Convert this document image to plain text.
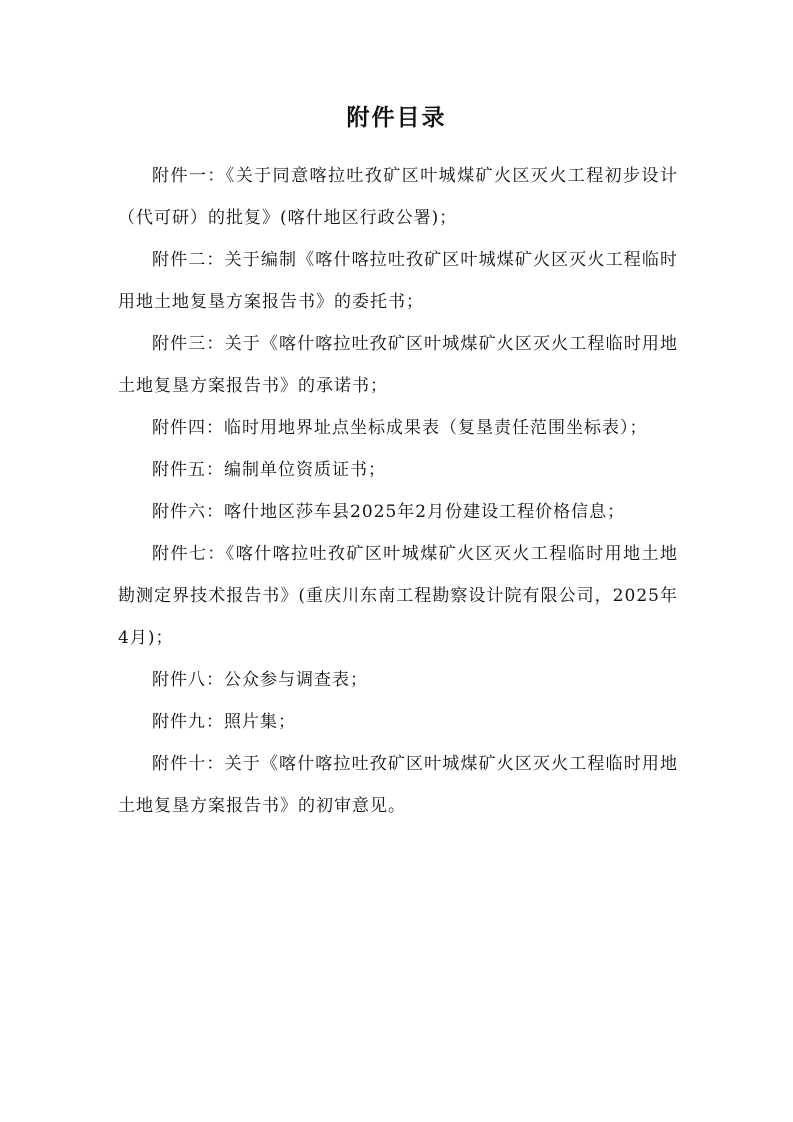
附件目录

附件一：《关于同意喀拉吐孜矿区叶城煤矿火区灭火工程初步设计（代可研）的批复》(喀什地区行政公署)；

附件二：关于编制《喀什喀拉吐孜矿区叶城煤矿火区灭火工程临时用地土地复垦方案报告书》的委托书；

附件三：关于《喀什喀拉吐孜矿区叶城煤矿火区灭火工程临时用地土地复垦方案报告书》的承诺书；

附件四：临时用地界址点坐标成果表（复垦责任范围坐标表）；

附件五：编制单位资质证书；

附件六：喀什地区莎车县2025年2月份建设工程价格信息；

附件七：《喀什喀拉吐孜矿区叶城煤矿火区灭火工程临时用地土地勘测定界技术报告书》(重庆川东南工程勘察设计院有限公司，2025年4月)；

附件八：公众参与调查表；

附件九：照片集；

附件十：关于《喀什喀拉吐孜矿区叶城煤矿火区灭火工程临时用地土地复垦方案报告书》的初审意见。
